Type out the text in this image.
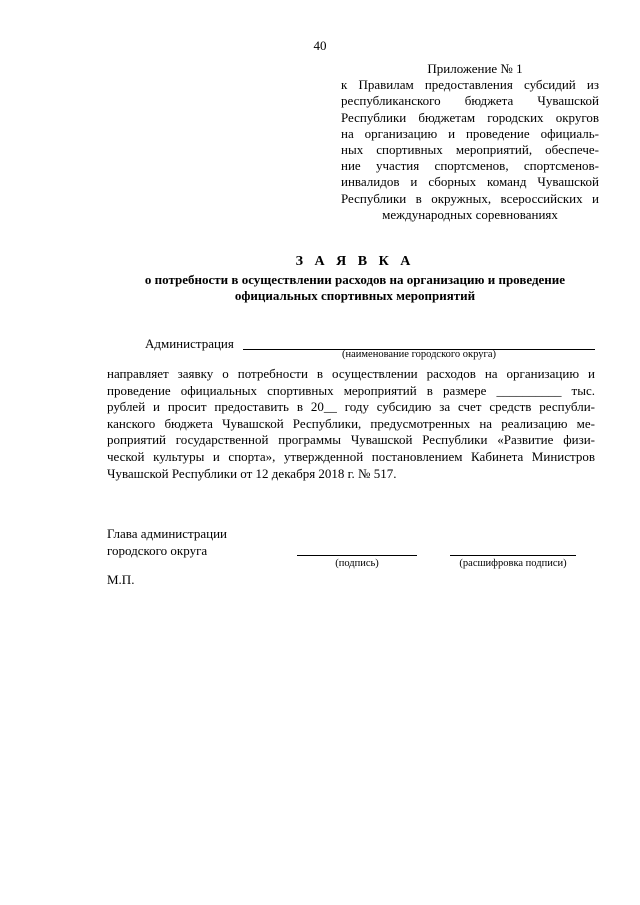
40
Приложение № 1
к Правилам предоставления субсидий из
республиканского бюджета Чувашской
Республики бюджетам городских округов
на организацию и проведение официаль-
ных спортивных мероприятий, обеспече-
ние участия спортсменов, спортсменов-
инвалидов и сборных команд Чувашской
Республики в окружных, всероссийских и
международных соревнованиях
З А Я В К А
о потребности в осуществлении расходов на организацию и проведение
официальных спортивных мероприятий
Администрация
(наименование городского округа)
направляет заявку о потребности в осуществлении расходов на организацию и
проведение официальных спортивных мероприятий в размере __________ тыс.
рублей и просит предоставить в 20__ году субсидию за счет средств республи-
канского бюджета Чувашской Республики, предусмотренных на реализацию ме-
роприятий государственной программы Чувашской Республики «Развитие физи-
ческой культуры и спорта», утвержденной постановлением Кабинета Министров
Чувашской Республики от 12 декабря 2018 г. № 517.
Глава администрации
городского округа
(подпись)	(расшифровка подписи)
М.П.
